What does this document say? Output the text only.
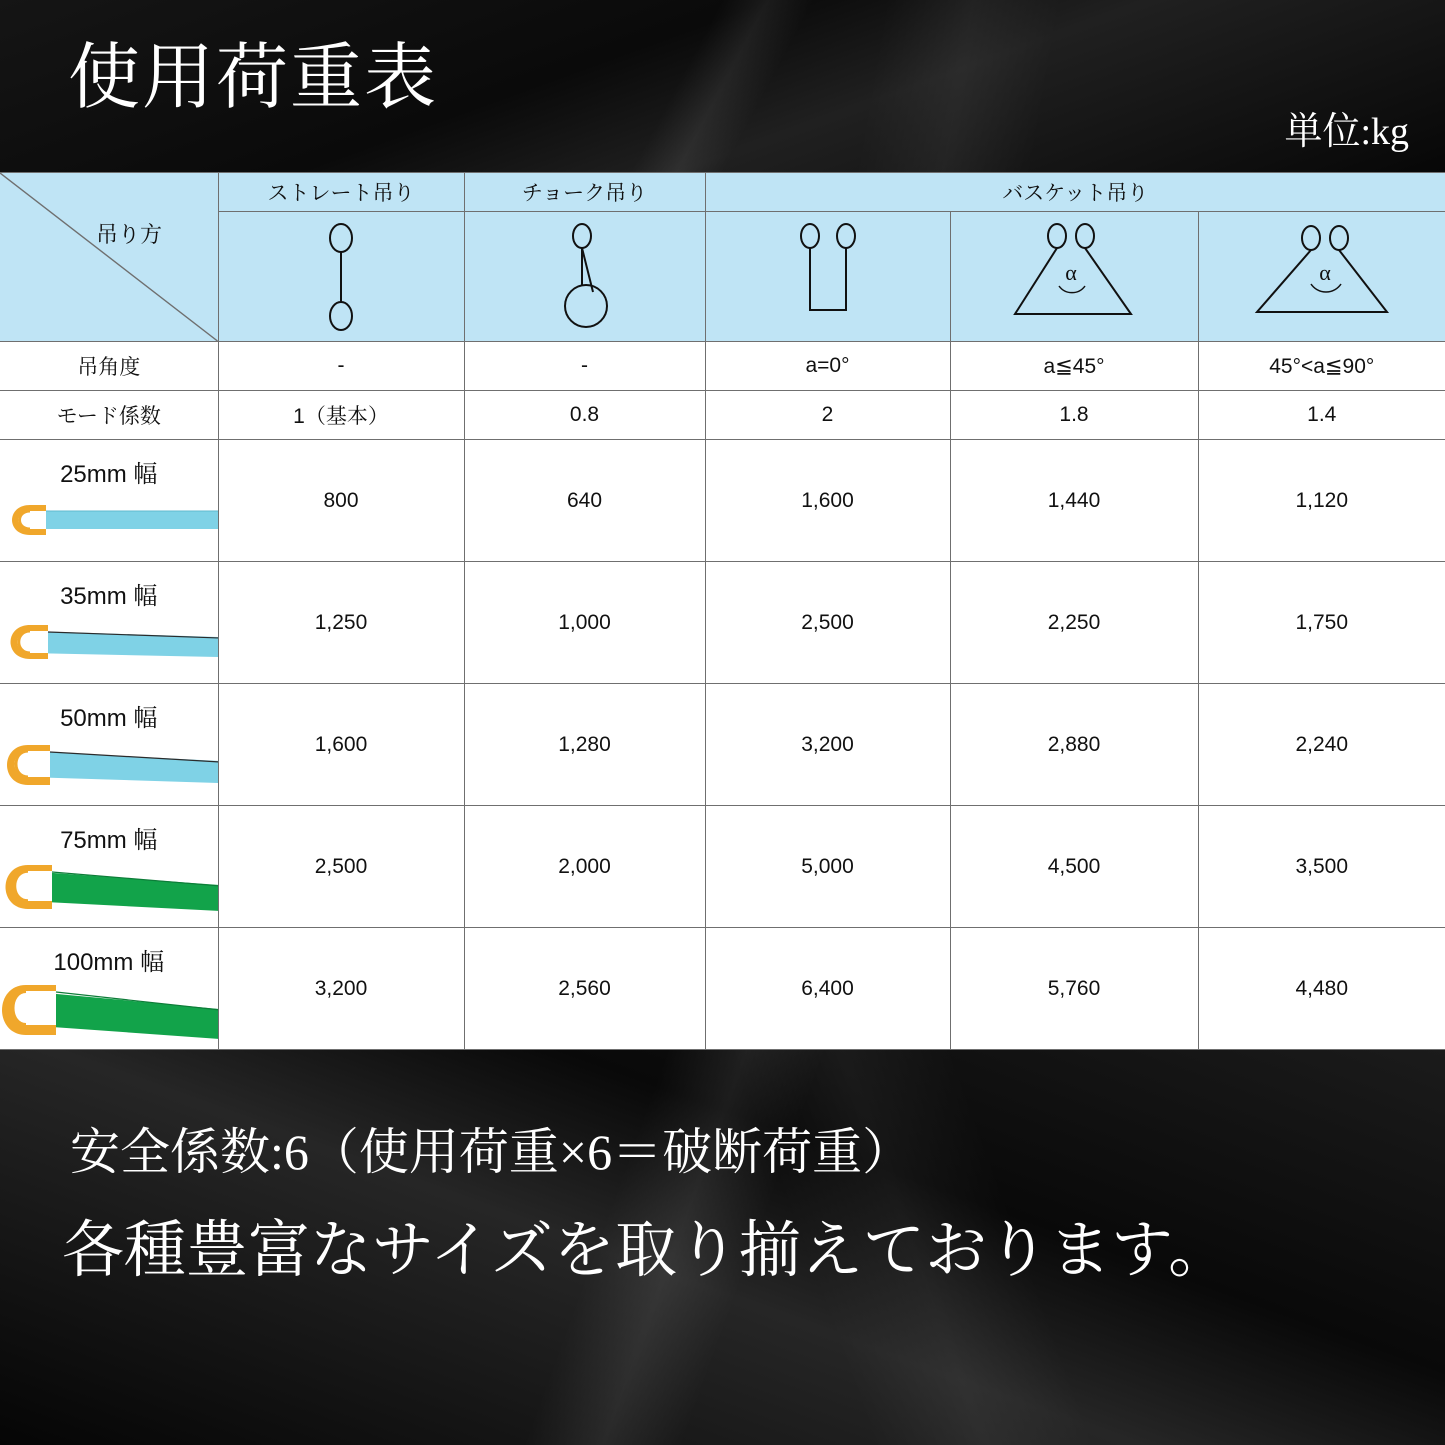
使用荷重表
単位:kg
吊り方	ストレート吊り	チョーク吊り	バスケット吊り		

α	α

吊角度	-	-	a=0°	a≦45°	45°<a≦90°
モード係数	1（基本）	0.8	2	1.8	1.4

25mm 幅	800	640	1,600	1,440	1,120

35mm 幅	1,250	1,000	2,500	2,250	1,750

50mm 幅	1,600	1,280	3,200	2,880	2,240

75mm 幅	2,500	2,000	5,000	4,500	3,500

100mm 幅	3,200	2,560	6,400	5,760	4,480
安全係数:6（使用荷重×6＝破断荷重）
各種豊富なサイズを取り揃えております。
